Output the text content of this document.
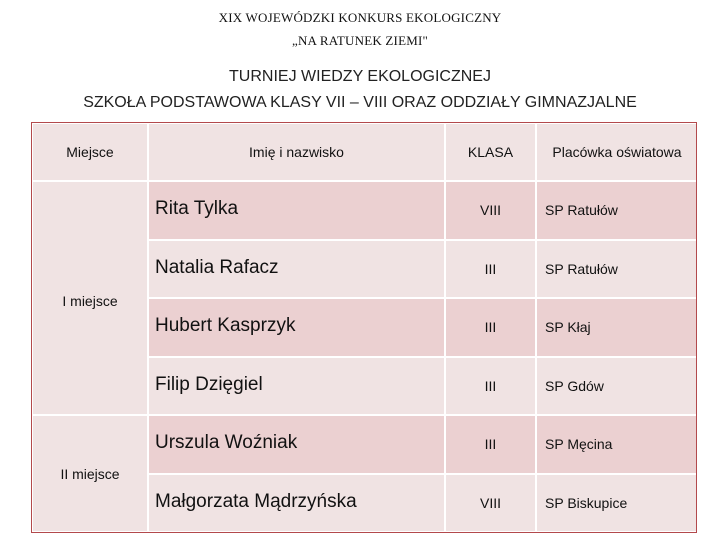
XIX WOJEWÓDZKI KONKURS EKOLOGICZNY
„NA RATUNEK ZIEMI"
TURNIEJ WIEDZY EKOLOGICZNEJ
SZKOŁA PODSTAWOWA KLASY VII – VIII ORAZ ODDZIAŁY GIMNAZJALNE
Miejsce	Imię i nazwisko	KLASA	Placówka oświatowa
I miejsce	Rita Tylka	VIII	SP Ratułów
	Natalia Rafacz	III	SP Ratułów
	Hubert Kasprzyk	III	SP Kłaj
	Filip Dzięgiel	III	SP Gdów
II miejsce	Urszula Woźniak	III	SP Męcina
	Małgorzata Mądrzyńska	VIII	SP Biskupice
